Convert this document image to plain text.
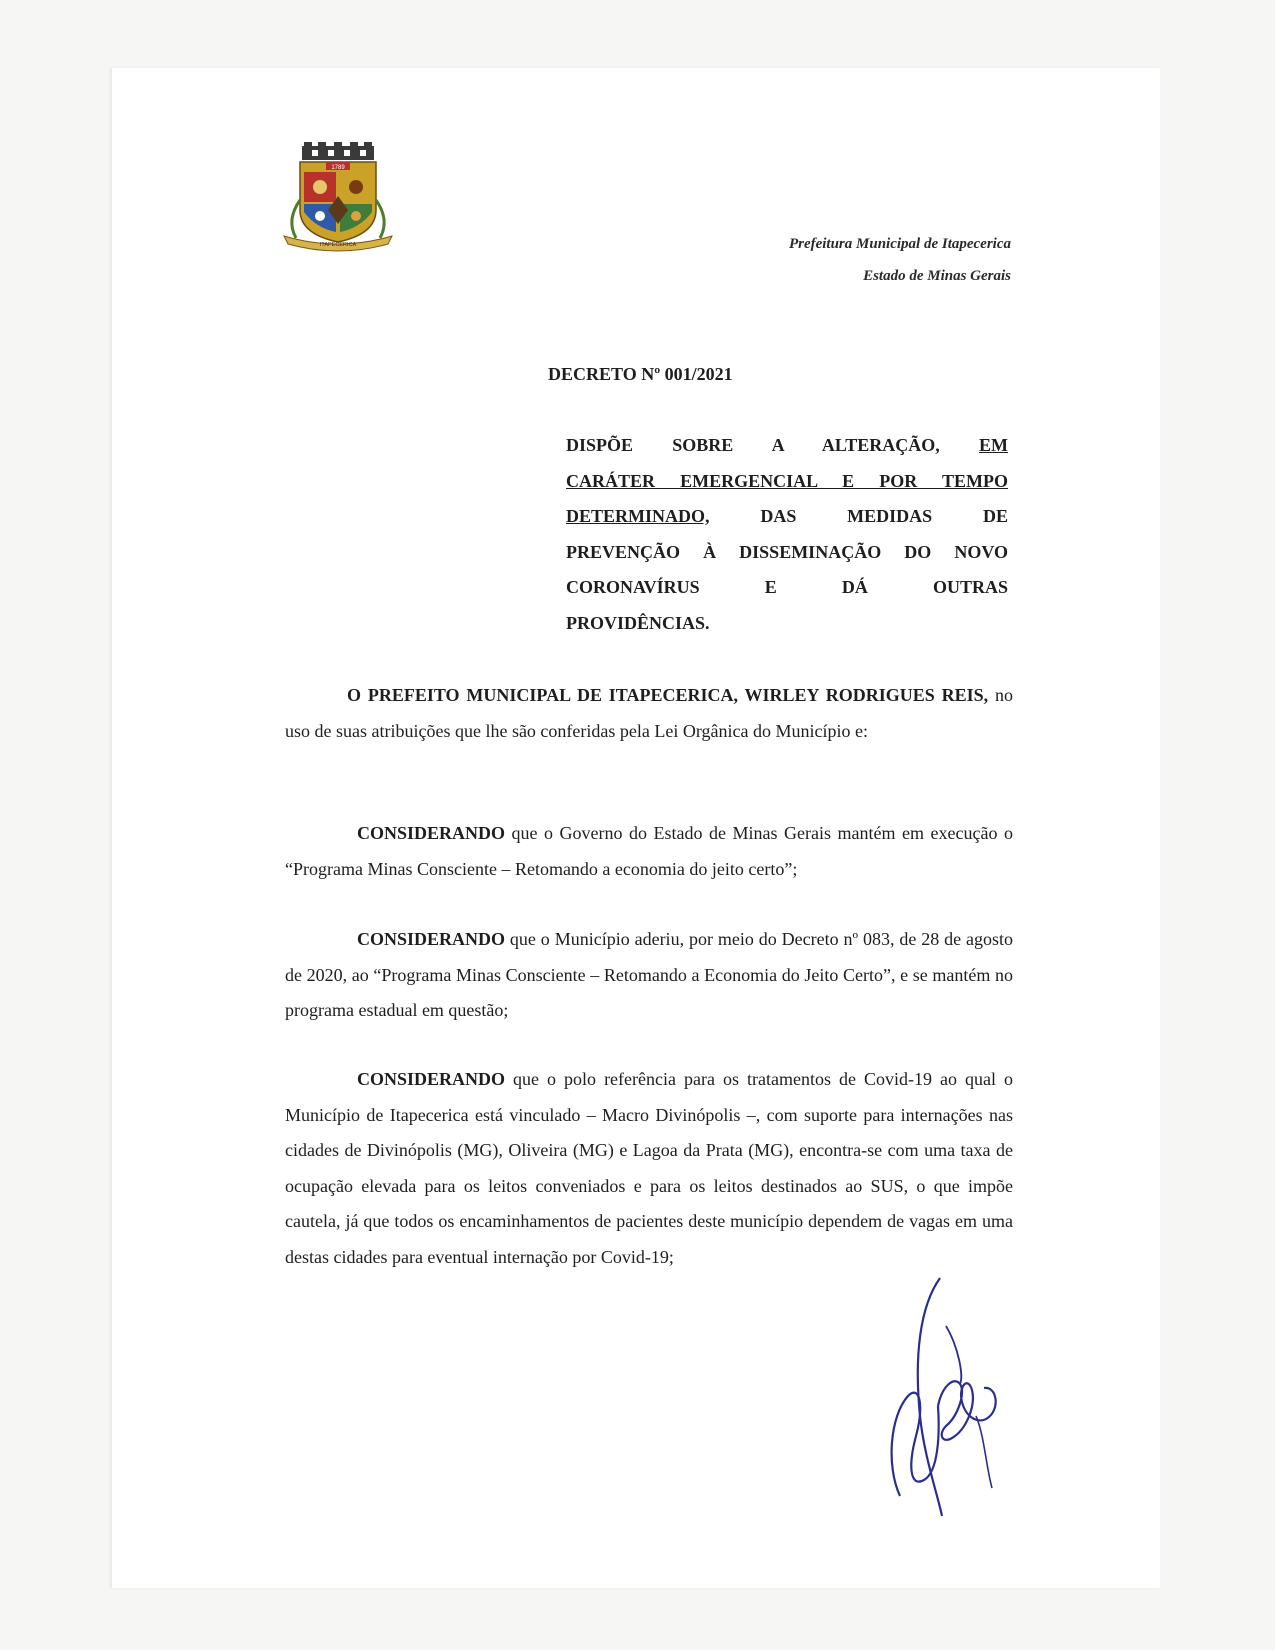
1789
ITAPECERICA	Prefeitura Municipal de Itapecerica
Estado de Minas Gerais
DECRETO Nº 001/2021
DISPÕE SOBRE A ALTERAÇÃO, EM
CARÁTER EMERGENCIAL E POR TEMPO
DETERMINADO,	DAS MEDIDAS DE
PREVENÇÃO À DISSEMINAÇÃO DO NOVO
CORONAVÍRUS E DÁ OUTRAS
PROVIDÊNCIAS.

O PREFEITO MUNICIPAL DE ITAPECERICA, WIRLEY RODRIGUES REIS, no uso de suas atribuições que lhe são conferidas pela Lei Orgânica do Município e:

CONSIDERANDO que o Governo do Estado de Minas Gerais mantém em execução o “Programa Minas Consciente – Retomando a economia do jeito certo”;

CONSIDERANDO que o Município aderiu, por meio do Decreto nº 083, de 28 de agosto de 2020, ao “Programa Minas Consciente – Retomando a Economia do Jeito Certo”, e se mantém no programa estadual em questão;

CONSIDERANDO que o polo referência para os tratamentos de Covid-19 ao qual o Município de Itapecerica está vinculado – Macro Divinópolis –, com suporte para internações nas cidades de Divinópolis (MG), Oliveira (MG) e Lagoa da Prata (MG), encontra-se com uma taxa de ocupação elevada para os leitos conveniados e para os leitos destinados ao SUS, o que impõe cautela, já que todos os encaminhamentos de pacientes deste município dependem de vagas em uma destas cidades para eventual internação por Covid-19;
